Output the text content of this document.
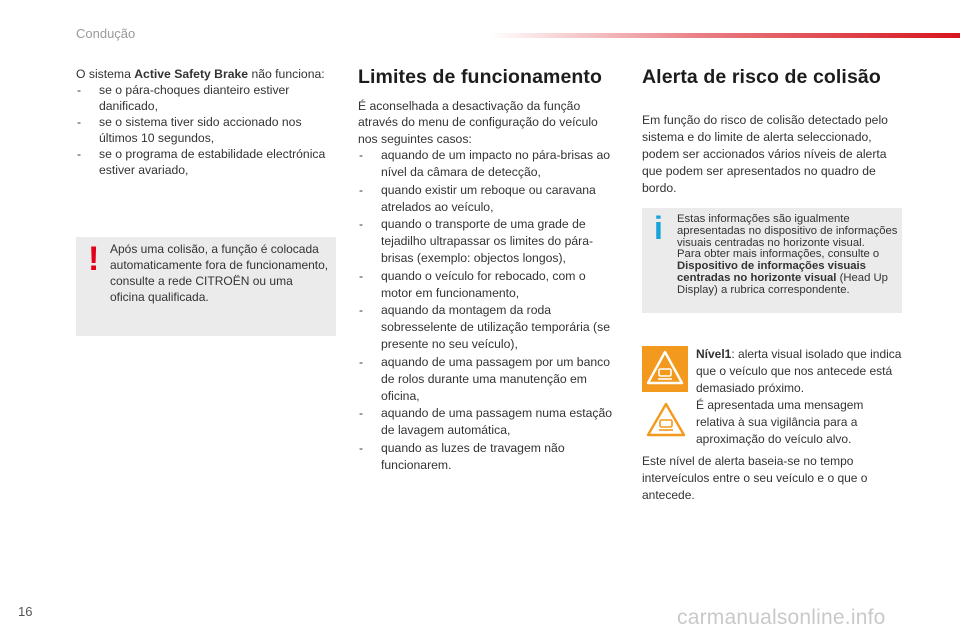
Condução

O sistema Active Safety Brake não funciona:

- se o pára-choques dianteiro estiver danificado,
- se o sistema tiver sido accionado nos últimos 10 segundos,
- se o programa de estabilidade electrónica estiver avariado,
! Após uma colisão, a função é colocada automaticamente fora de funcionamento, consulte a rede CITROËN ou uma oficina qualificada.
Limites de funcionamento

É aconselhada a desactivação da função através do menu de configuração do veículo nos seguintes casos:

- aquando de um impacto no pára-brisas ao nível da câmara de detecção,
- quando existir um reboque ou caravana atrelados ao veículo,
- quando o transporte de uma grade de tejadilho ultrapassar os limites do pára-brisas (exemplo: objectos longos),
- quando o veículo for rebocado, com o motor em funcionamento,
- aquando da montagem da roda sobresselente de utilização temporária (se presente no seu veículo),
- aquando de uma passagem por um banco de rolos durante uma manutenção em oficina,
- aquando de uma passagem numa estação de lavagem automática,
- quando as luzes de travagem não funcionarem.
Alerta de risco de colisão

Em função do risco de colisão detectado pelo sistema e do limite de alerta seleccionado, podem ser accionados vários níveis de alerta que podem ser apresentados no quadro de bordo.

i Estas informações são igualmente apresentadas no dispositivo de informações visuais centradas no horizonte visual.
Para obter mais informações, consulte o Dispositivo de informações visuais centradas no horizonte visual (Head Up Display) a rubrica correspondente.
Nível1: alerta visual isolado que indica que o veículo que nos antecede está demasiado próximo.
É apresentada uma mensagem relativa à sua vigilância para a aproximação do veículo alvo.
Este nível de alerta baseia-se no tempo interveículos entre o seu veículo e o que o antecede.
16	carmanualsonline.info
